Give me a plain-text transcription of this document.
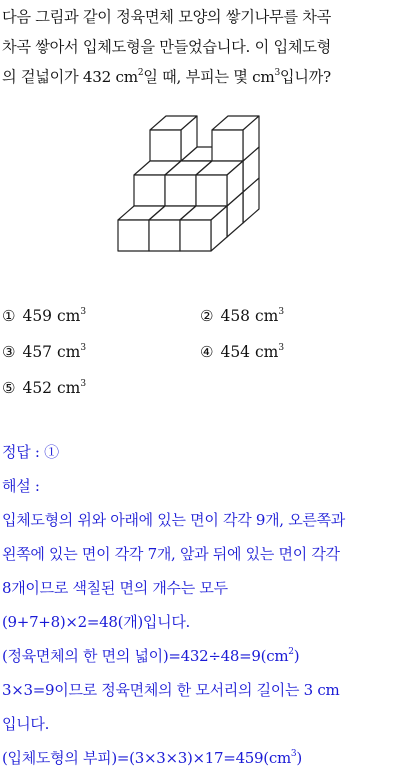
다음 그림과 같이 정육면체 모양의 쌓기나무를 차곡
차곡 쌓아서 입체도형을 만들었습니다. 이 입체도형
의 겉넓이가 432 $cm^2$일 때, 부피는 몇 $cm^3$입니까?
① 459 $cm^3$	② 458 $cm^3$
③ 457 $cm^3$	④ 454 $cm^3$
⑤ 452 $cm^3$
정답 : ①
해설 :
입체도형의 위와 아래에 있는 면이 각각 9개, 오른쪽과
왼쪽에 있는 면이 각각 7개, 앞과 뒤에 있는 면이 각각
8개이므로 색칠된 면의 개수는 모두
(9+7+8)×2=48(개)입니다.
(정육면체의 한 면의 넓이)$=432\div 48=9(cm^2)$
3×3=9이므로 정육면체의 한 모서리의 길이는 3 cm
입니다.
(입체도형의 부피)$=(3\times 3\times 3)\times 17=459(cm^3)$
